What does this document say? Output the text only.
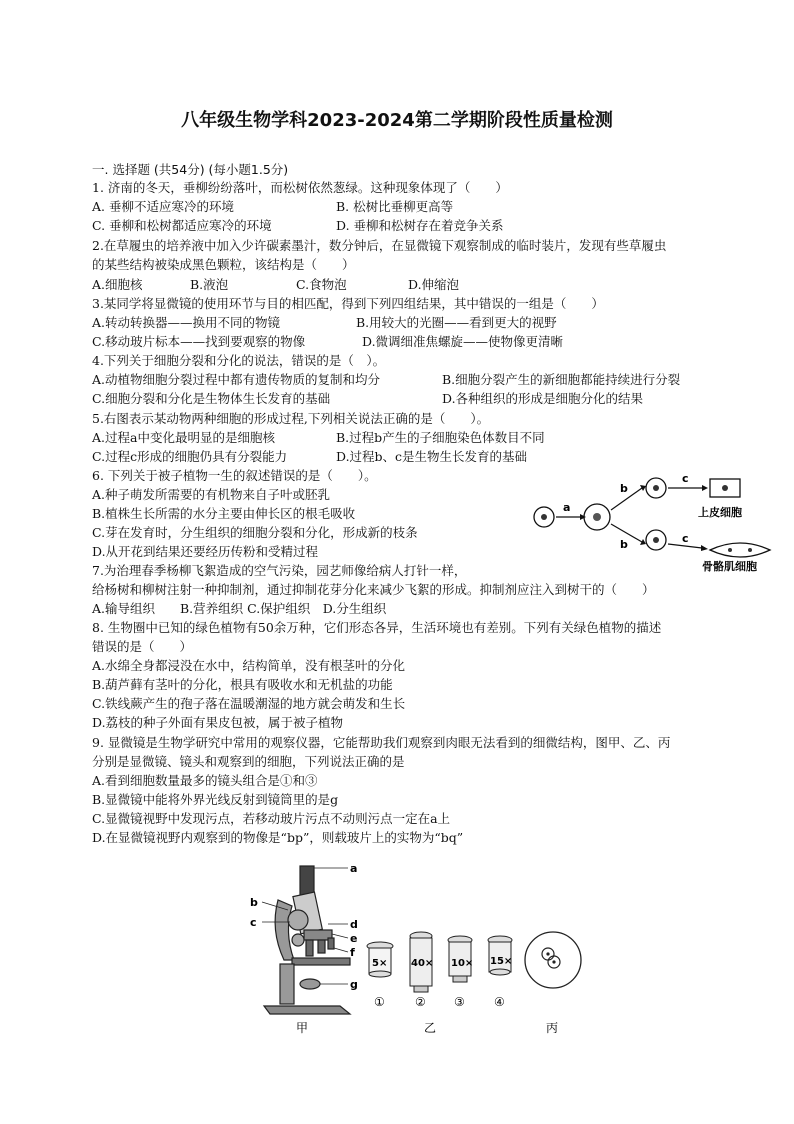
八年级生物学科2023-2024第二学期阶段性质量检测
一. 选择题 (共54分) (每小题1.5分)
1. 济南的冬天，垂柳纷纷落叶，而松树依然葱绿。这种现象体现了（　　）
A. 垂柳不适应寒冷的环境	B. 松树比垂柳更高等
C. 垂柳和松树都适应寒冷的环境	D. 垂柳和松树存在着竞争关系
2.在草履虫的培养液中加入少许碳素墨汁，数分钟后，在显微镜下观察制成的临时装片，发现有些草履虫
的某些结构被染成黑色颗粒，该结构是（　　）
A.细胞核	B.液泡	C.食物泡	D.伸缩泡
3.某同学将显微镜的使用环节与目的相匹配，得到下列四组结果，其中错误的一组是（　　）
A.转动转换器——换用不同的物镜	B.用较大的光圈——看到更大的视野
C.移动玻片标本——找到要观察的物像	D.微调细准焦螺旋——使物像更清晰
4.下列关于细胞分裂和分化的说法，错误的是（　）。
A.动植物细胞分裂过程中都有遗传物质的复制和均分	B.细胞分裂产生的新细胞都能持续进行分裂
C.细胞分裂和分化是生物体生长发育的基础	D.各种组织的形成是细胞分化的结果
5.右图表示某动物两种细胞的形成过程,下列相关说法正确的是（　　）。
A.过程a中变化最明显的是细胞核	B.过程b产生的子细胞染色体数目不同
C.过程c形成的细胞仍具有分裂能力	D.过程b、c是生物生长发育的基础
6. 下列关于被子植物一生的叙述错误的是（　　）。
A.种子萌发所需要的有机物来自子叶或胚乳
B.植株生长所需的水分主要由伸长区的根毛吸收
C.芽在发育时，分生组织的细胞分裂和分化，形成新的枝条
D.从开花到结果还要经历传粉和受精过程
a
b
b
c
c
上皮细胞
骨骼肌细胞
7.为治理春季杨柳飞絮造成的空气污染，园艺师像给病人打针一样，
给杨树和柳树注射一种抑制剂，通过抑制花芽分化来减少飞絮的形成。抑制剂应注入到树干的（　　）
A.输导组织　　B.营养组织 C.保护组织　D.分生组织
8. 生物圈中已知的绿色植物有50余万种，它们形态各异，生活环境也有差别。下列有关绿色植物的描述
错误的是（　　）
A.水绵全身都浸没在水中，结构简单，没有根茎叶的分化
B.葫芦藓有茎叶的分化，根具有吸收水和无机盐的功能
C.铁线蕨产生的孢子落在温暖潮湿的地方就会萌发和生长
D.荔枝的种子外面有果皮包被，属于被子植物
9. 显微镜是生物学研究中常用的观察仪器，它能帮助我们观察到肉眼无法看到的细微结构，图甲、乙、丙
分别是显微镜、镜头和观察到的细胞，下列说法正确的是
A.看到细胞数量最多的镜头组合是①和③
B.显微镜中能将外界光线反射到镜筒里的是g
C.显微镜视野中发现污点，若移动玻片污点不动则污点一定在a上
D.在显微镜视野内观察到的物像是“bp”，则载玻片上的实物为“bq”
a
b
c	d
e
f
g
5× 40× 10× 15×
①	② ③ ④
甲	乙	丙
